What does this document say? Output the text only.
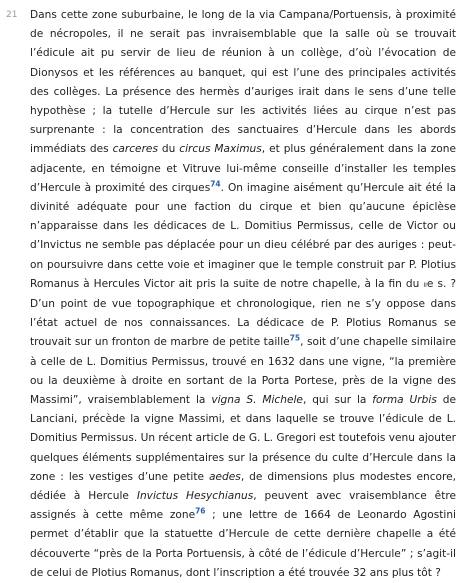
21 Dans cette zone suburbaine, le long de la via Campana/Portuensis, à proximité de nécropoles, il ne serait pas invraisemblable que la salle où se trouvait l’édicule ait pu servir de lieu de réunion à un collège, d’où l’évocation de Dionysos et les références au banquet, qui est l’une des principales activités des collèges. La présence des hermès d’auriges irait dans le sens d’une telle hypothèse ; la tutelle d’Hercule sur les activités liées au cirque n’est pas surprenante : la concentration des sanctuaires d’Hercule dans les abords immédiats des carceres du circus Maximus, et plus généralement dans la zone adjacente, en témoigne et Vitruve lui-même conseille d’installer les temples d’Hercule à proximité des cirques$^{74}$. On imagine aisément qu’Hercule ait été la divinité adéquate pour une faction du cirque et bien qu’aucune épiclèse n’apparaisse dans les dédicaces de L. Domitius Permissus, celle de Victor ou d’Invictus ne semble pas déplacée pour un dieu célébré par des auriges : peut-on poursuivre dans cette voie et imaginer que le temple construit par P. Plotius Romanus à Hercules Victor ait pris la suite de notre chapelle, à la fin du iie s. ? D’un point de vue topographique et chronologique, rien ne s’y oppose dans l’état actuel de nos connaissances. La dédicace de P. Plotius Romanus se trouvait sur un fronton de marbre de petite taille$^{75}$, soit d’une chapelle similaire à celle de L. Domitius Permissus, trouvé en 1632 dans une vigne, “la première ou la deuxième à droite en sortant de la Porta Portese, près de la vigne des Massimi”, vraisemblablement la vigna S. Michele, qui sur la forma Urbis de Lanciani, précède la vigne Massimi, et dans laquelle se trouve l’édicule de L. Domitius Permissus. Un récent article de G. L. Gregori est toutefois venu ajouter quelques éléments supplémentaires sur la présence du culte d’Hercule dans la zone : les vestiges d’une petite aedes, de dimensions plus modestes encore, dédiée à Hercule Invictus Hesychianus, peuvent avec vraisemblance être assignés à cette même zone$^{76}$ ; une lettre de 1664 de Leonardo Agostini permet d’établir que la statuette d’Hercule de cette dernière chapelle a été découverte “près de la Porta Portuensis, à côté de l’édicule d’Hercule” ; s’agit-il de celui de Plotius Romanus, dont l’inscription a été trouvée 32 ans plus tôt ?
